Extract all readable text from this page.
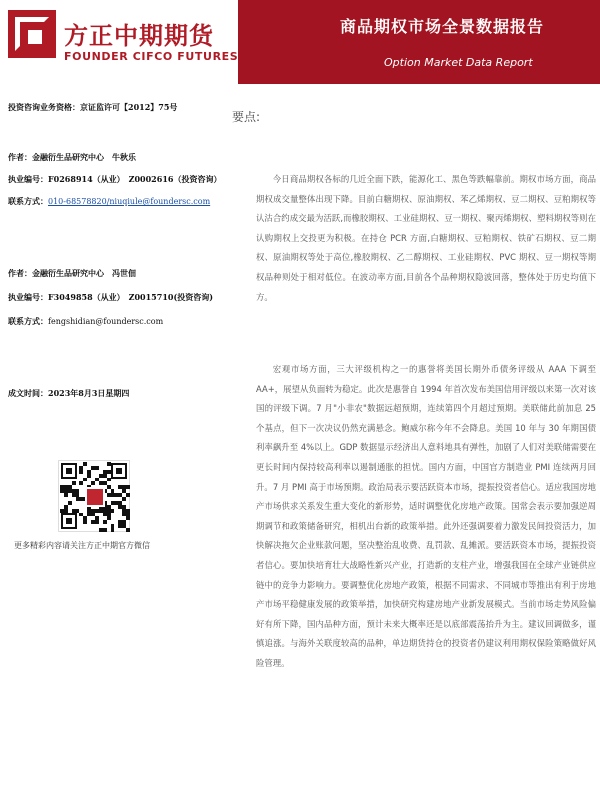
方正中期期货
FOUNDER CIFCO FUTURES
商品期权市场全景数据报告
Option Market Data Report
投资咨询业务资格：京证监许可【2012】75号
作者：金融衍生品研究中心　牛秋乐
执业编号：F0268914（从业）　Z0002616（投资咨询）
联系方式：010-68578820/niuqiule@foundersc.com
作者：金融衍生品研究中心　冯世佃
执业编号：F3049858（从业）　Z0015710(投资咨询)
联系方式：fengshidian@foundersc.com
成文时间：2023年8月3日星期四
更多精彩内容请关注方正中期官方微信
要点:

今日商品期权各标的几近全面下跌，能源化工、黑色等跌幅靠前。期权市场方面，商品期权成交量整体出现下降。目前白糖期权、原油期权、苯乙烯期权、豆二期权、豆粕期权等认沽合约成交最为活跃,而橡胶期权、工业硅期权、豆一期权、聚丙烯期权、塑料期权等则在认购期权上交投更为积极。在持仓 PCR 方面,白糖期权、豆粕期权、铁矿石期权、豆二期权、原油期权等处于高位,橡胶期权、乙二醇期权、工业硅期权、PVC 期权、豆一期权等期权品种则处于相对低位。在波动率方面,目前各个品种期权隐波回落，整体处于历史均值下方。

宏观市场方面，三大评级机构之一的惠誉将美国长期外币债务评级从 AAA 下调至 AA+，展望从负面转为稳定。此次是惠誉自 1994 年首次发布美国信用评级以来第一次对该国的评级下调。7 月"小非农"数据远超预期，连续第四个月超过预期。美联储此前加息 25 个基点，但下一次决议仍然充满悬念。鲍威尔称今年不会降息。美国 10 年与 30 年期国债利率飙升至 4%以上。GDP 数据显示经济出人意料地具有弹性，加剧了人们对美联储需要在更长时间内保持较高利率以遏制通胀的担忧。国内方面，中国官方制造业 PMI 连续两月回升。7 月 PMI 高于市场预期。政治局表示要活跃资本市场，提振投资者信心。适应我国房地产市场供求关系发生重大变化的新形势，适时调整优化房地产政策。国常会表示要加强逆周期调节和政策储备研究，相机出台新的政策举措。此外还强调要着力激发民间投资活力，加快解决拖欠企业账款问题，坚决整治乱收费、乱罚款、乱摊派。要活跃资本市场，提振投资者信心。要加快培育壮大战略性新兴产业，打造新的支柱产业，增强我国在全球产业链供应链中的竞争力影响力。要调整优化房地产政策，根据不同需求、不同城市等推出有利于房地产市场平稳健康发展的政策举措，加快研究构建房地产业新发展模式。当前市场走势风险偏好有所下降，国内品种方面，预计未来大概率还是以底部震荡抬升为主。建议回调做多，谨慎追涨。与海外关联度较高的品种，单边期货持仓的投资者仍建议利用期权保险策略做好风险管理。
